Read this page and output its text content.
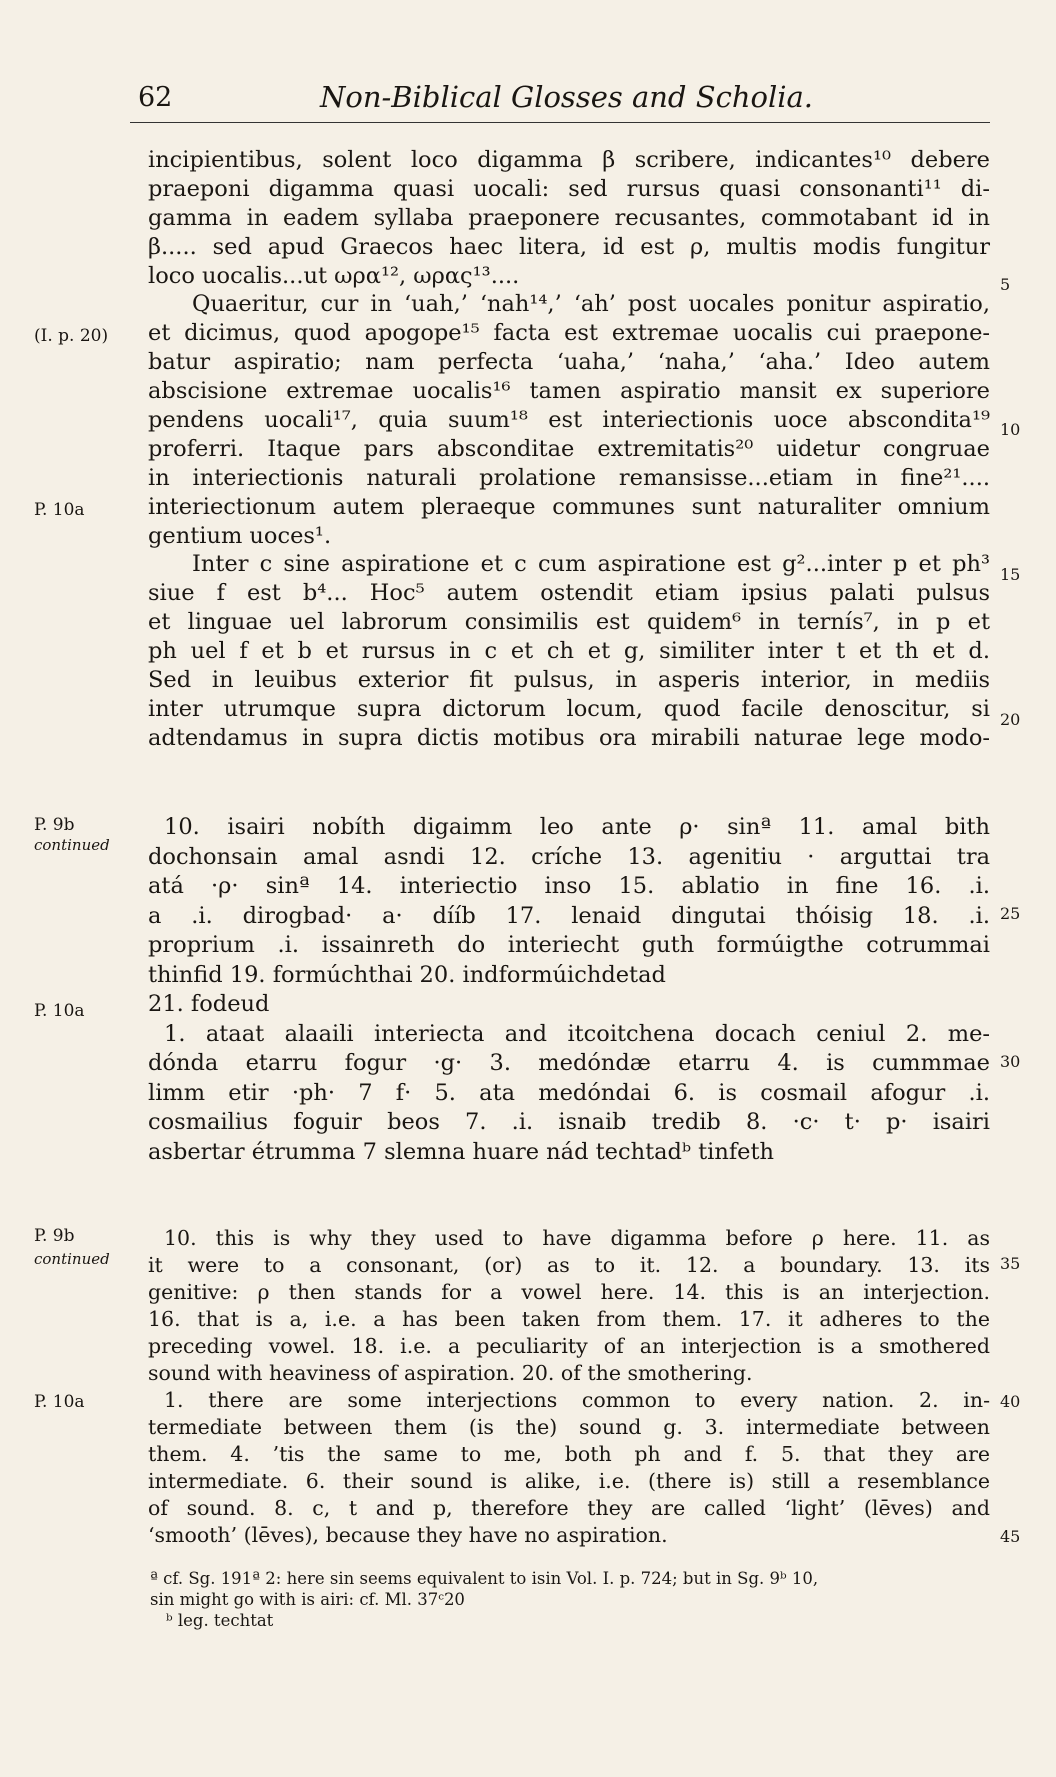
62	Non-Biblical Glosses and Scholia.
incipientibus, solent loco digamma β scribere, indicantes¹⁰ debere
praeponi digamma quasi uocali: sed rursus quasi consonanti¹¹ di-
gamma in eadem syllaba praeponere recusantes, commotabant id in
β..... sed apud Graecos haec litera, id est ρ, multis modis fungitur
loco uocalis...ut ωρα¹², ωρας¹³....
Quaeritur, cur in ‘uah,’ ‘nah¹⁴,’ ‘ah’ post uocales ponitur aspiratio,
et dicimus, quod apogope¹⁵ facta est extremae uocalis cui praepone-
batur aspiratio; nam perfecta ‘uaha,’ ‘naha,’ ‘aha.’ Ideo autem
abscisione extremae uocalis¹⁶ tamen aspiratio mansit ex superiore
pendens uocali¹⁷, quia suum¹⁸ est interiectionis uoce abscondita¹⁹
proferri. Itaque pars absconditae extremitatis²⁰ uidetur congruae
in interiectionis naturali prolatione remansisse...etiam in fine²¹....
interiectionum autem pleraeque communes sunt naturaliter omnium
gentium uoces¹.
Inter c sine aspiratione et c cum aspiratione est g²...inter p et ph³
siue f est b⁴... Hoc⁵ autem ostendit etiam ipsius palati pulsus
et linguae uel labrorum consimilis est quidem⁶ in ternís⁷, in p et
ph uel f et b et rursus in c et ch et g, similiter inter t et th et d.
Sed in leuibus exterior fit pulsus, in asperis interior, in mediis
inter utrumque supra dictorum locum, quod facile denoscitur, si
adtendamus in supra dictis motibus ora mirabili naturae lege modo-
10. isairi nobíth digaimm leo ante ρ· sinª 11. amal bith
dochonsain amal asndi 12. críche 13. agenitiu · arguttai tra
atá ·ρ· sinª 14. interiectio inso 15. ablatio in fine 16. .i.
a .i. dirogbad· a· dííb 17. lenaid dingutai thóisig 18. .i.
proprium .i. issainreth do interiecht guth formúigthe cotrummai
thinfid 19. formúchthai 20. indformúichdetad
21. fodeud
1. ataat alaaili interiecta and itcoitchena docach ceniul 2. me-
dónda etarru fogur ·g· 3. medóndæ etarru 4. is cummmae
limm etir ·ph· 7 f· 5. ata medóndai 6. is cosmail afogur .i.
cosmailius foguir beos 7. .i. isnaib tredib 8. ·c· t· p· isairi
asbertar étrumma 7 slemna huare nád techtadᵇ tinfeth
10. this is why they used to have digamma before ρ here. 11. as
it were to a consonant, (or) as to it. 12. a boundary. 13. its
genitive: ρ then stands for a vowel here. 14. this is an interjection.
16. that is a, i.e. a has been taken from them. 17. it adheres to the
preceding vowel. 18. i.e. a peculiarity of an interjection is a smothered
sound with heaviness of aspiration. 20. of the smothering.
1. there are some interjections common to every nation. 2. in-
termediate between them (is the) sound g. 3. intermediate between
them. 4. ’tis the same to me, both ph and f. 5. that they are
intermediate. 6. their sound is alike, i.e. (there is) still a resemblance
of sound. 8. c, t and p, therefore they are called ‘light’ (lēves) and
‘smooth’ (lēves), because they have no aspiration.
(I. p. 20)
P. 10a
P. 9b
continued
P. 10a
P. 9b
continued
P. 10a
5
10
15
20
25
30
35
40
45
ª cf. Sg. 191ª 2: here sin seems equivalent to isin Vol. I. p. 724; but in Sg. 9ᵇ 10,
sin might go with is airi: cf. Ml. 37ᶜ20
ᵇ leg. techtat
